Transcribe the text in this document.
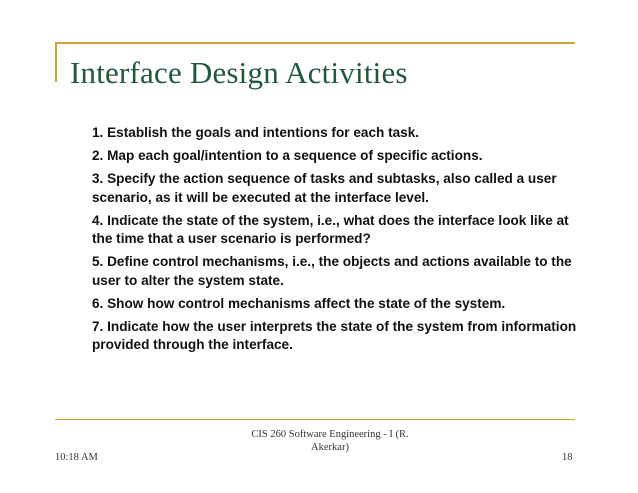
Interface Design Activities
1. Establish the goals and intentions for each task.
2. Map each goal/intention to a sequence of specific actions.
3. Specify the action sequence of tasks and subtasks, also called a user scenario, as it will be executed at the interface level.
4. Indicate the state of the system, i.e., what does the interface look like at the time that a user scenario is performed?
5. Define control mechanisms, i.e., the objects and actions available to the user to alter the system state.
6. Show how control mechanisms affect the state of the system.
7. Indicate how the user interprets the state of the system from information provided through the interface.
10:18 AM
CIS 260 Software Engineering - I (R.
Akerkar)
18
